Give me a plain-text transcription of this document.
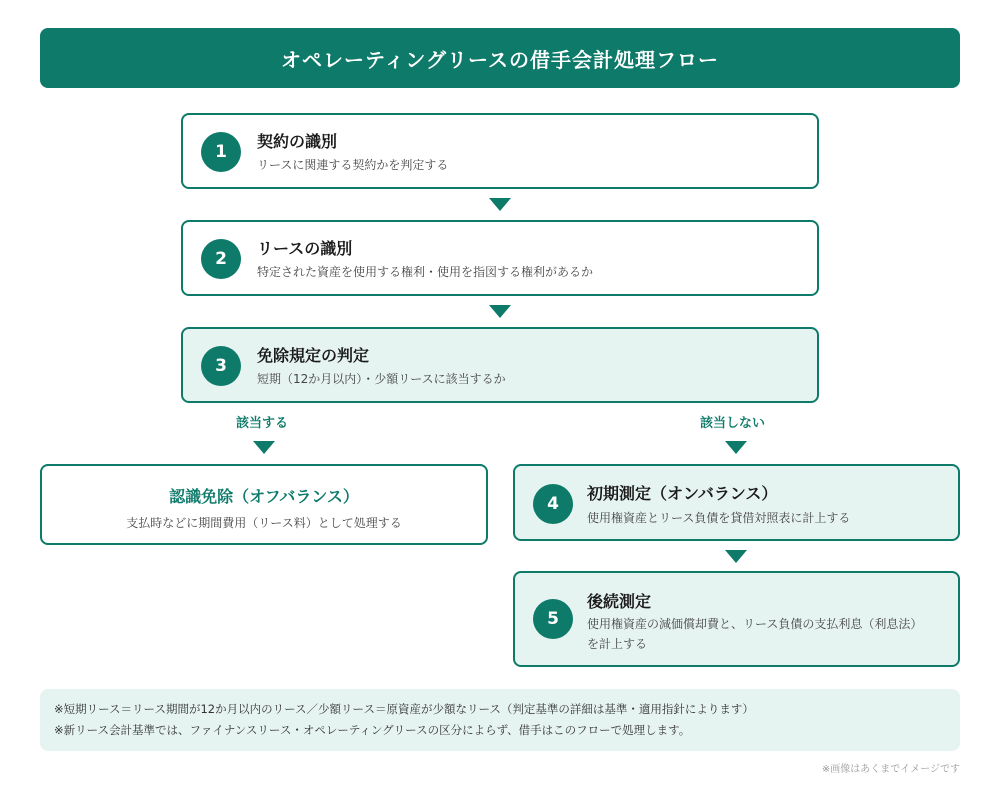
オペレーティングリースの借手会計処理フロー
1
契約の識別
リースに関連する契約かを判定する
2
リースの識別
特定された資産を使用する権利・使用を指図する権利があるか
3
免除規定の判定
短期（12か月以内）・少額リースに該当するか
該当する	該当しない
認識免除（オフバランス）
支払時などに期間費用（リース料）として処理する
4
初期測定（オンバランス）
使用権資産とリース負債を貸借対照表に計上する
5
後続測定
使用権資産の減価償却費と、リース負債の支払利息（利息法）
を計上する
※短期リース＝リース期間が12か月以内のリース／少額リース＝原資産が少額なリース（判定基準の詳細は基準・適用指針によります）
※新リース会計基準では、ファイナンスリース・オペレーティングリースの区分によらず、借手はこのフローで処理します。
※画像はあくまでイメージです
